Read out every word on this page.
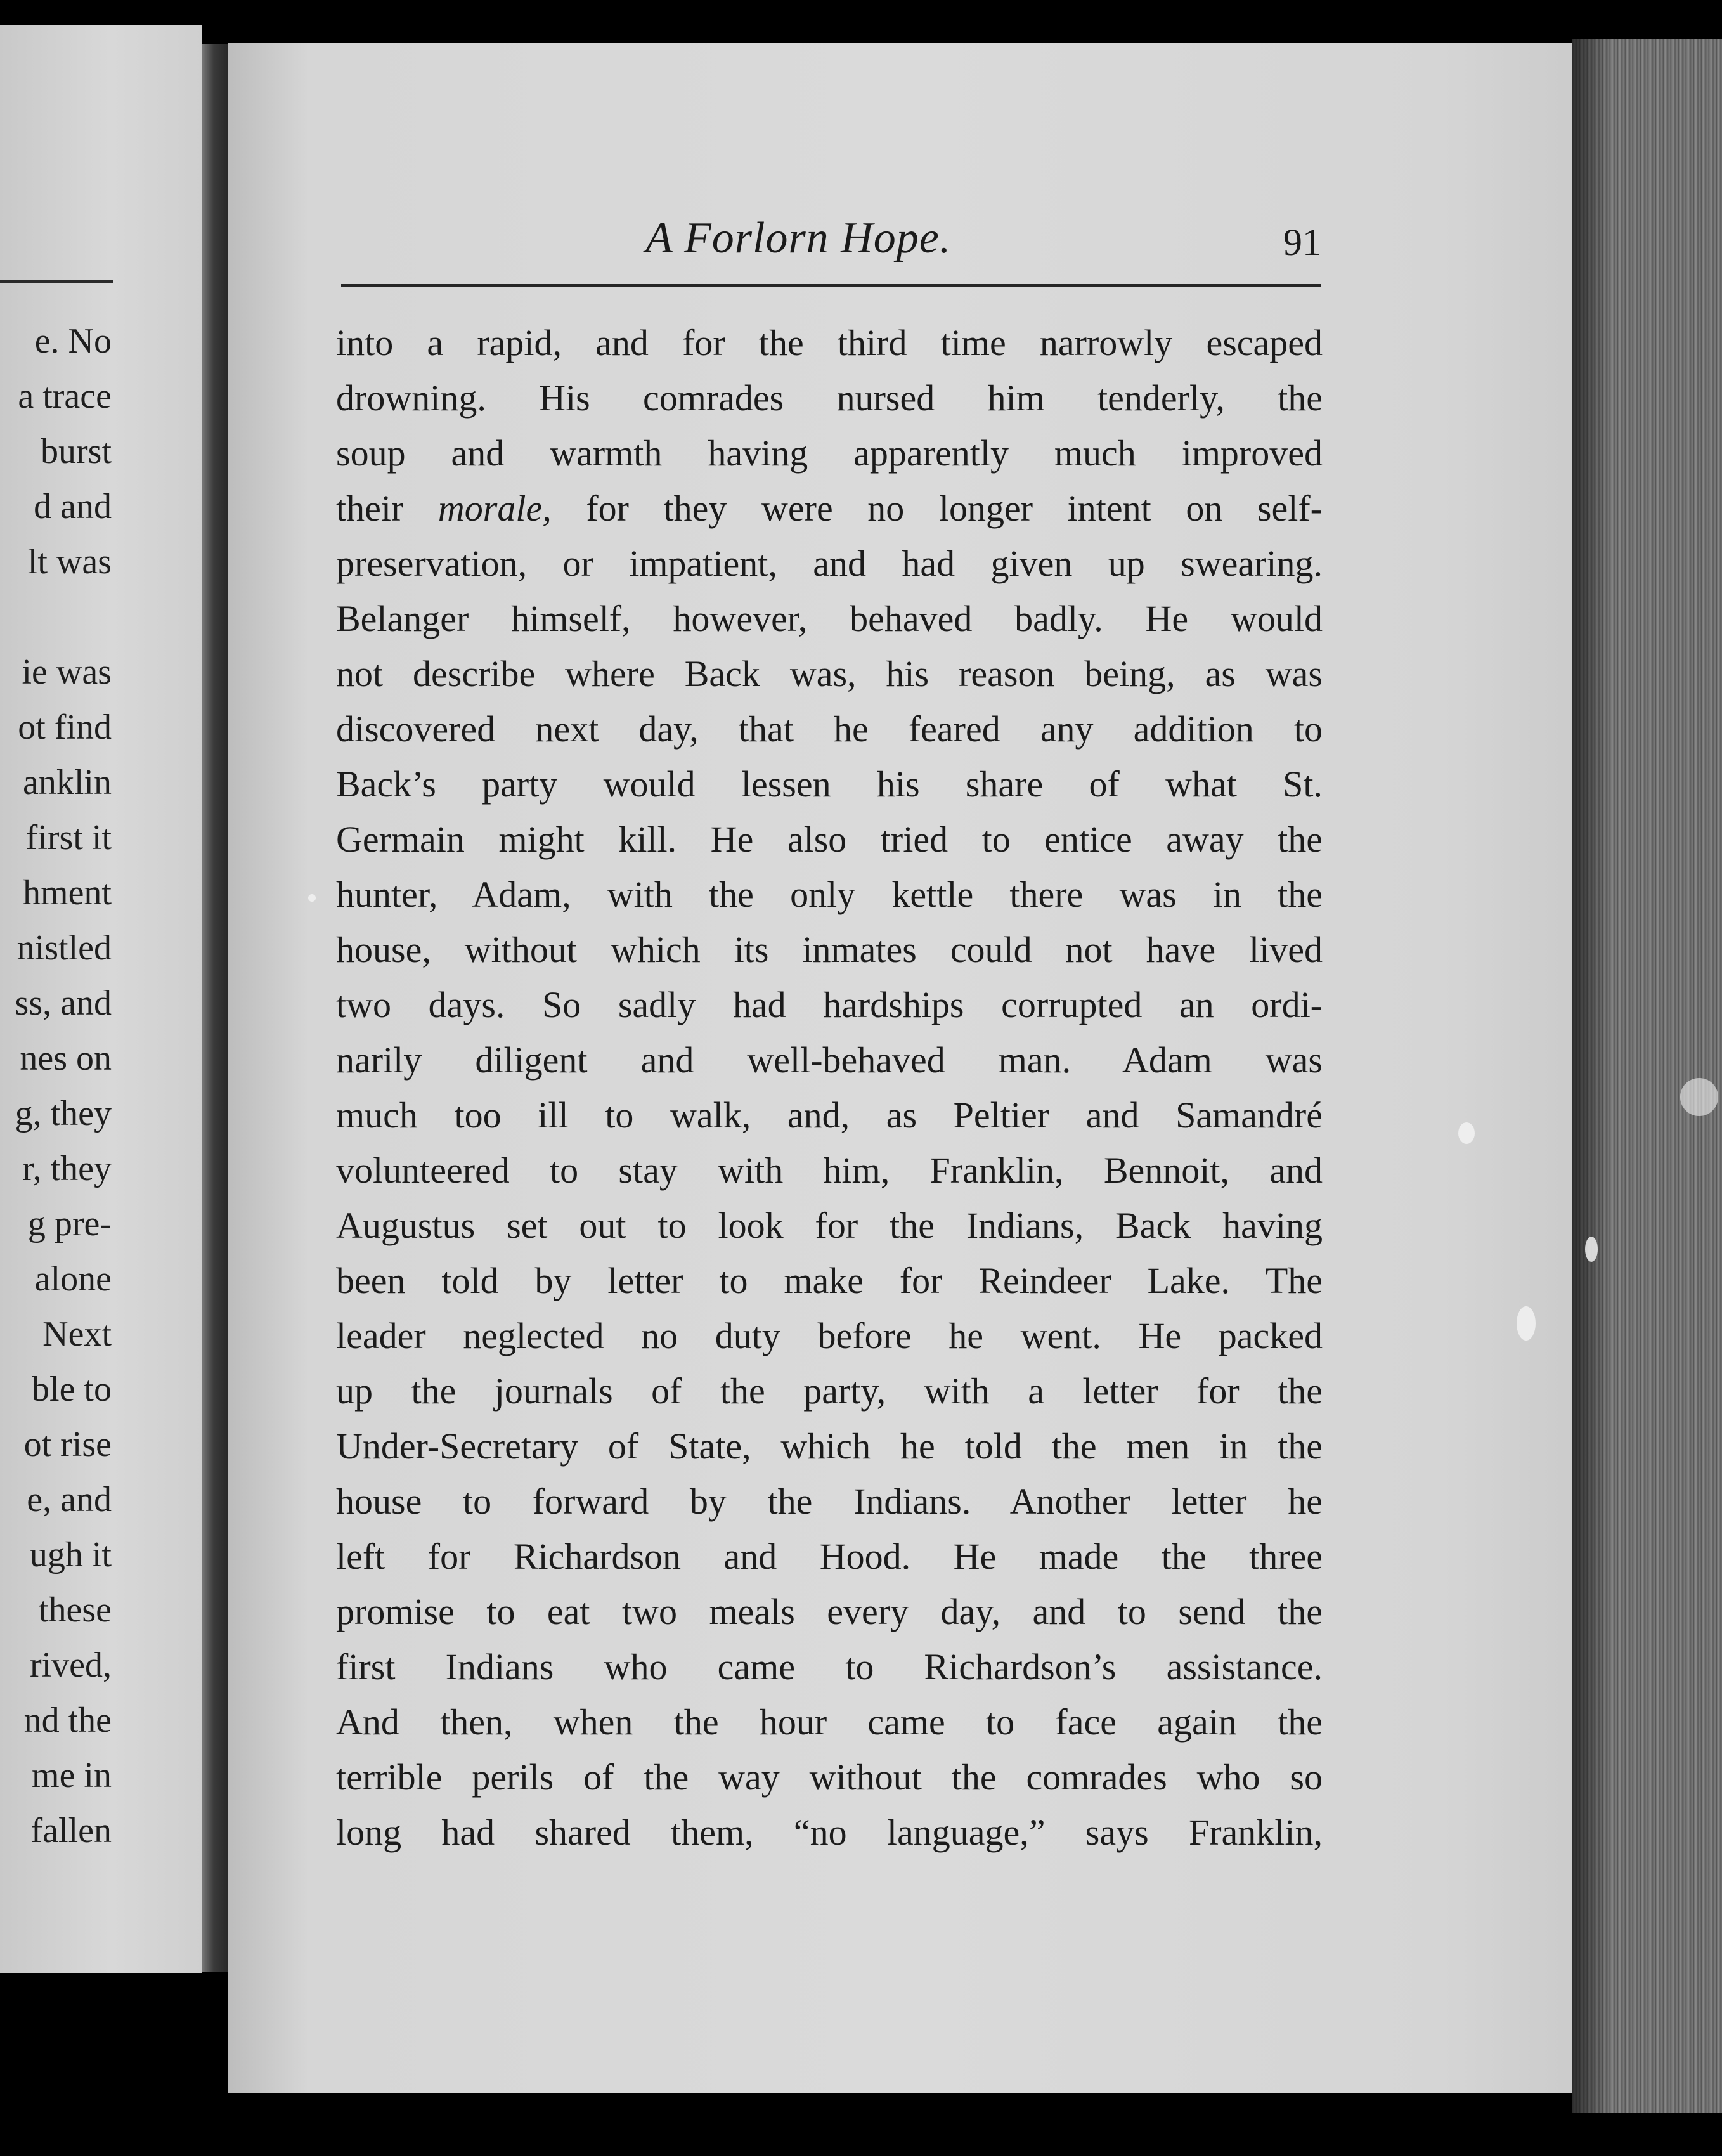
e. No
a trace
burst
d and
lt was

ie was
ot find
anklin
first it
hment
nistled
ss, and
nes on
g, they
r, they
g pre-
alone
Next
ble to
ot rise
e, and
ugh it
these
rived,
nd the
me in
fallen
A Forlorn Hope.	91
into a rapid, and for the third time narrowly escaped
drowning. His comrades nursed him tenderly, the
soup and warmth having apparently much improved
their morale, for they were no longer intent on self-
preservation, or impatient, and had given up swearing.
Belanger himself, however, behaved badly. He would
not describe where Back was, his reason being, as was
discovered next day, that he feared any addition to
Back’s party would lessen his share of what St.
Germain might kill. He also tried to entice away the
hunter, Adam, with the only kettle there was in the
house, without which its inmates could not have lived
two days. So sadly had hardships corrupted an ordi-
narily diligent and well-behaved man. Adam was
much too ill to walk, and, as Peltier and Samandré
volunteered to stay with him, Franklin, Bennoit, and
Augustus set out to look for the Indians, Back having
been told by letter to make for Reindeer Lake. The
leader neglected no duty before he went. He packed
up the journals of the party, with a letter for the
Under-Secretary of State, which he told the men in the
house to forward by the Indians. Another letter he
left for Richardson and Hood. He made the three
promise to eat two meals every day, and to send the
first Indians who came to Richardson’s assistance.
And then, when the hour came to face again the
terrible perils of the way without the comrades who so
long had shared them, “no language,” says Franklin,
